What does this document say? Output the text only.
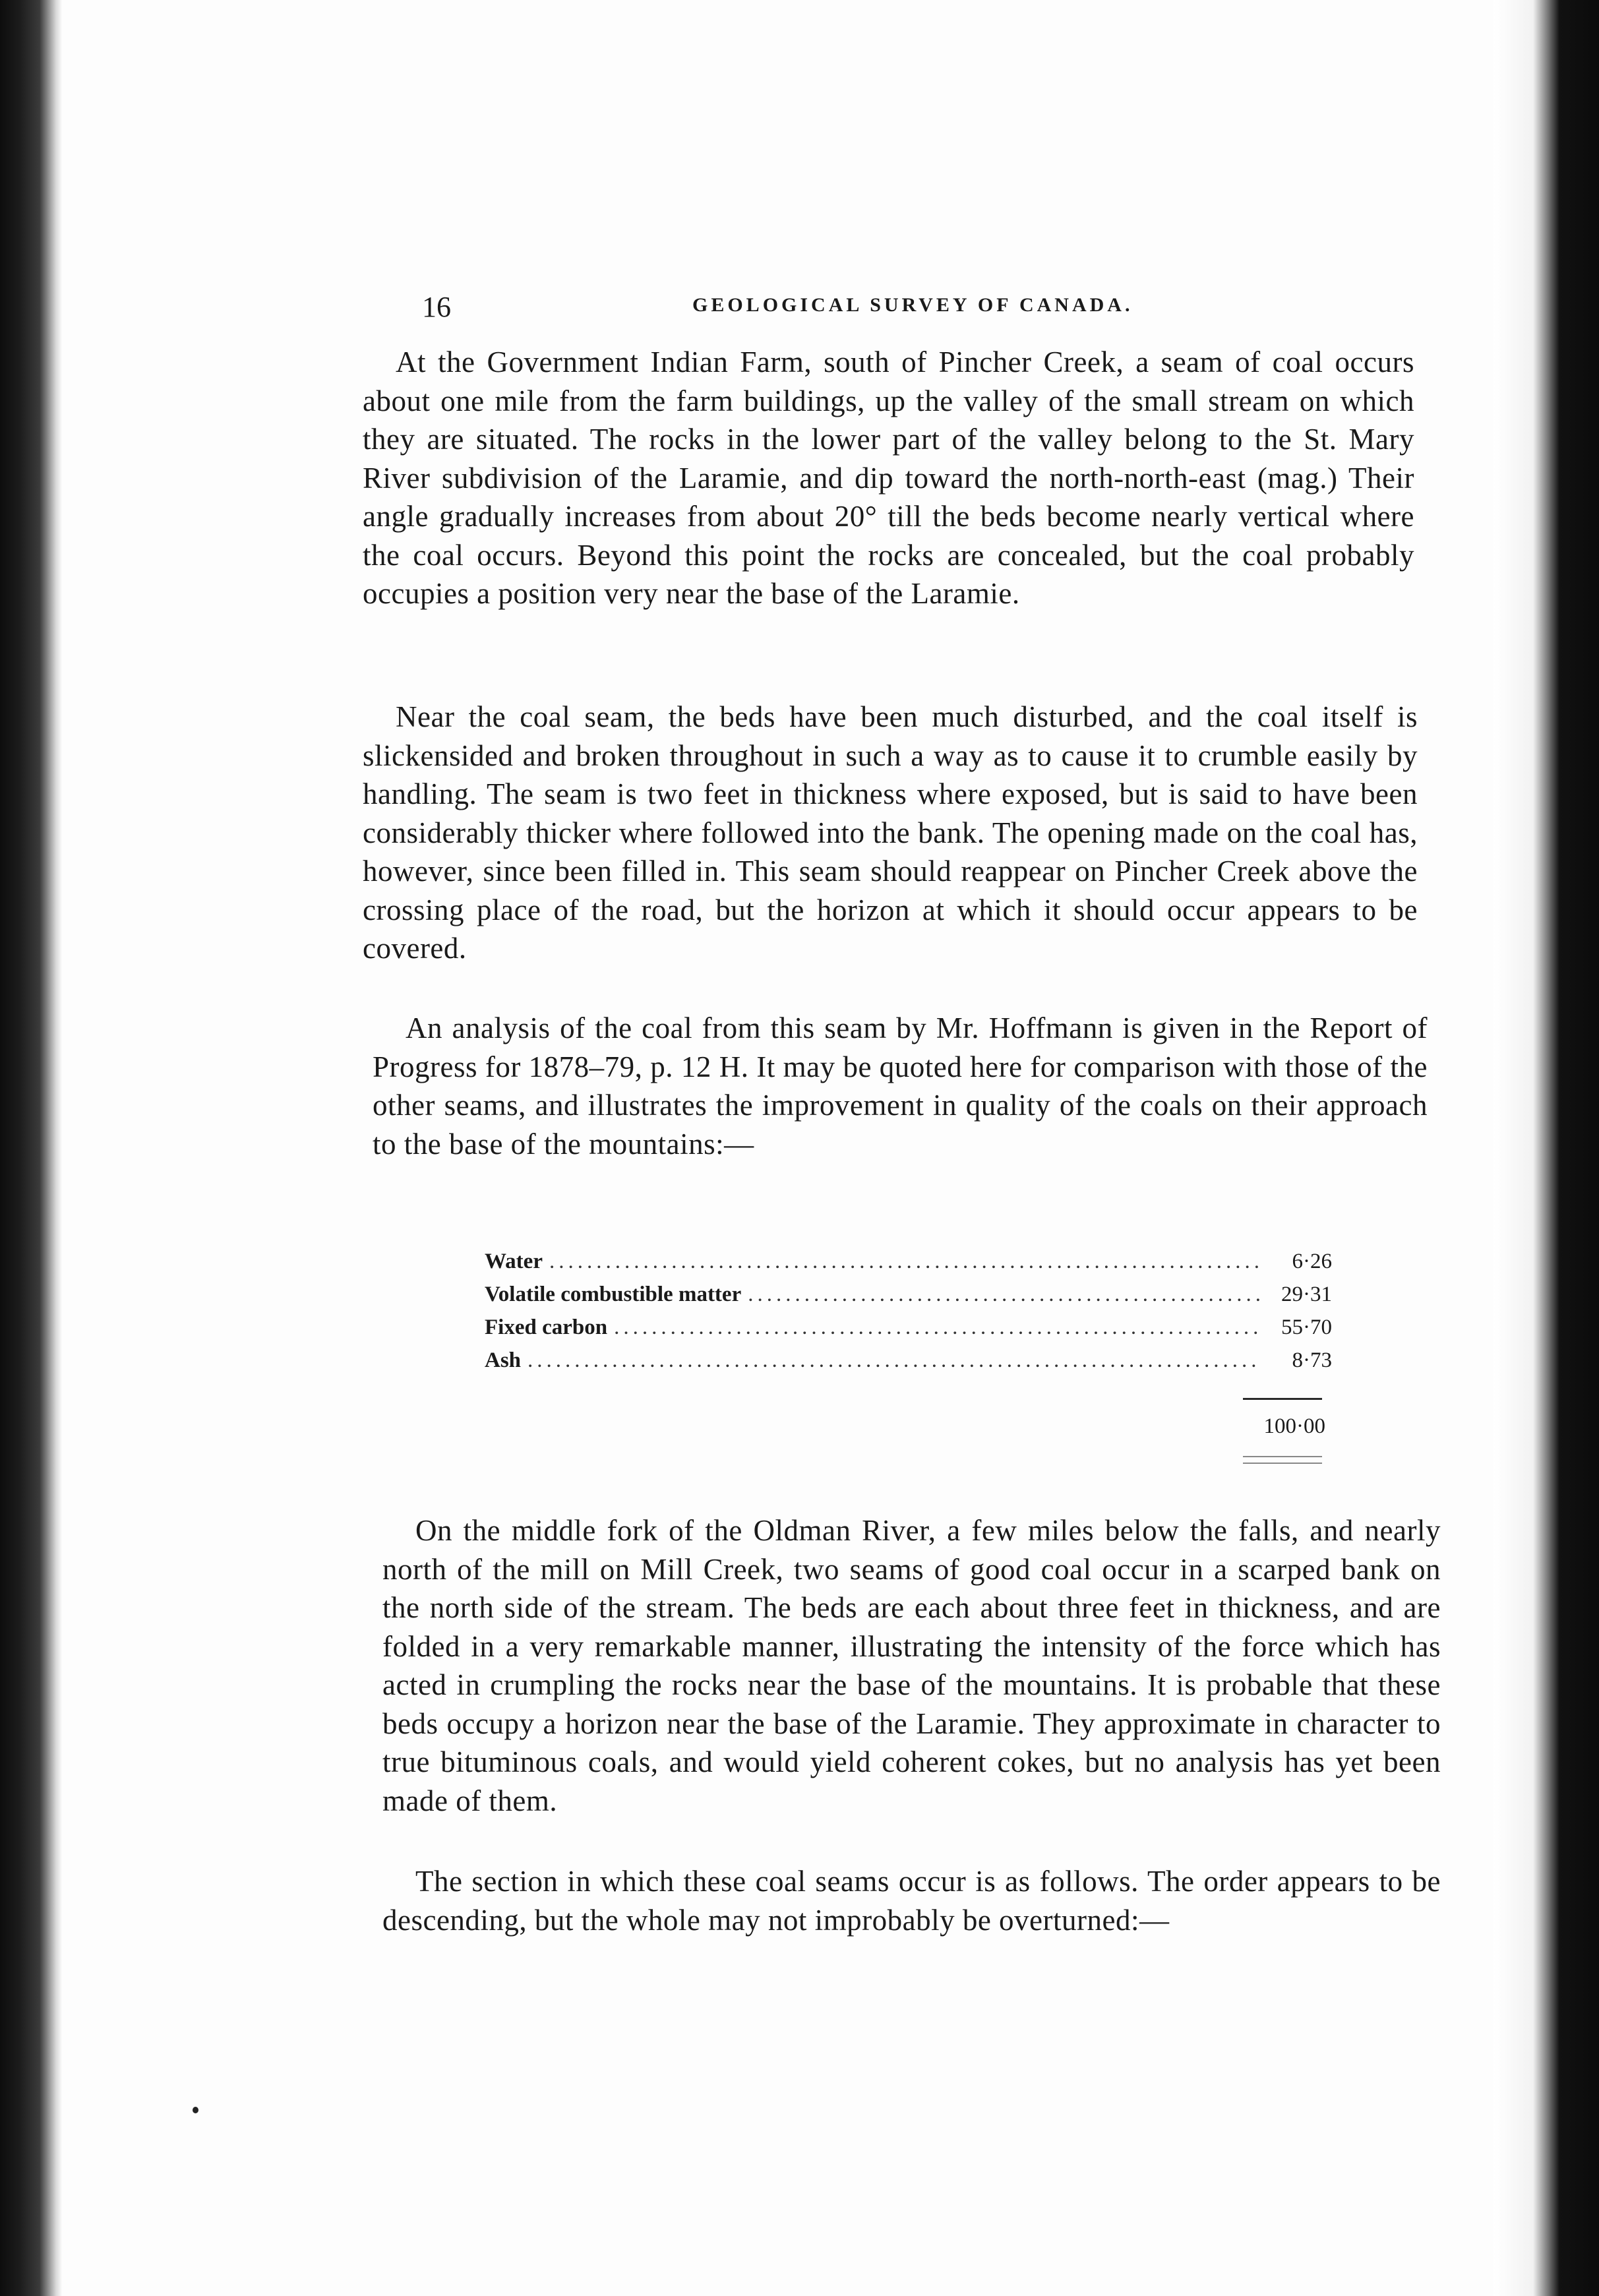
16	GEOLOGICAL SURVEY OF CANADA.

At the Government Indian Farm, south of Pincher Creek, a seam of coal occurs about one mile from the farm buildings, up the valley of the small stream on which they are situated. The rocks in the lower part of the valley belong to the St. Mary River subdivision of the Laramie, and dip toward the north-north-east (mag.) Their angle gradually increases from about 20° till the beds become nearly vertical where the coal occurs. Beyond this point the rocks are concealed, but the coal probably occupies a position very near the base of the Laramie.

Near the coal seam, the beds have been much disturbed, and the coal itself is slickensided and broken throughout in such a way as to cause it to crumble easily by handling. The seam is two feet in thickness where exposed, but is said to have been considerably thicker where followed into the bank. The opening made on the coal has, however, since been filled in. This seam should reappear on Pincher Creek above the crossing place of the road, but the horizon at which it should occur appears to be covered.

An analysis of the coal from this seam by Mr. Hoffmann is given in the Report of Progress for 1878–79, p. 12 H. It may be quoted here for comparison with those of the other seams, and illustrates the improvement in quality of the coals on their approach to the base of the mountains:—

Water .....	6·26
Volatile combustible matter .....	29·31
Fixed carbon .....	55·70
Ash .....	8·73
100·00

On the middle fork of the Oldman River, a few miles below the falls, and nearly north of the mill on Mill Creek, two seams of good coal occur in a scarped bank on the north side of the stream. The beds are each about three feet in thickness, and are folded in a very remarkable manner, illustrating the intensity of the force which has acted in crumpling the rocks near the base of the mountains. It is probable that these beds occupy a horizon near the base of the Laramie. They approximate in character to true bituminous coals, and would yield coherent cokes, but no analysis has yet been made of them.

The section in which these coal seams occur is as follows. The order appears to be descending, but the whole may not improbably be overturned:—
